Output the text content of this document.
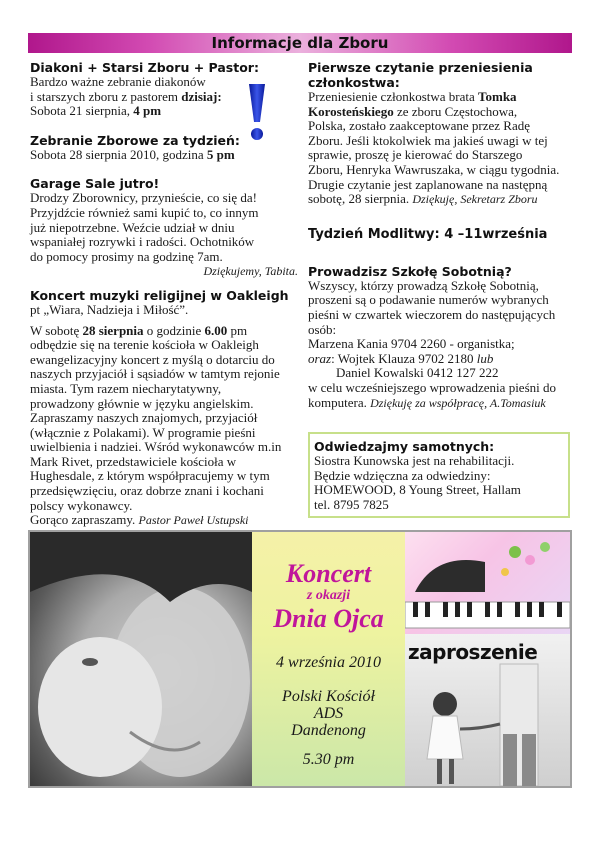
Informacje dla Zboru

Diakoni + Starsi Zboru + Pastor:

Bardzo ważne zebranie diakonów

i starszych zboru z pastorem dzisiaj:

Sobota 21 sierpnia, 4 pm

Zebranie Zborowe za tydzień:

Sobota 28 sierpnia 2010, godzina 5 pm

Garage Sale jutro!

Drodzy Zborownicy, przynieście, co się da!

Przyjdźcie również sami kupić to, co innym

już niepotrzebne. Weźcie udział w dniu

wspaniałej rozrywki i radości. Ochotników

do pomocy prosimy na godzinę 7am.

Dziękujemy, Tabita.

Koncert muzyki religijnej w Oakleigh

pt „Wiara, Nadzieja i Miłość”.

W sobotę 28 sierpnia o godzinie 6.00 pm

odbędzie się na terenie kościoła w Oakleigh

ewangelizacyjny koncert z myślą o dotarciu do

naszych przyjaciół i sąsiadów w tamtym rejonie

miasta. Tym razem niecharytatywny,

prowadzony głównie w języku angielskim.

Zapraszamy naszych znajomych, przyjaciół

(włącznie z Polakami). W programie pieśni

uwielbienia i nadziei. Wśród wykonawców m.in

Mark Rivet, przedstawiciele kościoła w

Hughesdale, z którym współpracujemy w tym

przedsięwzięciu, oraz dobrze znani i kochani

polscy wykonawcy.

Gorąco zapraszamy. Pastor Paweł Ustupski

Pierwsze czytanie przeniesienia

członkostwa:

Przeniesienie członkostwa brata Tomka

Korosteńskiego ze zboru Częstochowa,

Polska, zostało zaakceptowane przez Radę

Zboru. Jeśli ktokolwiek ma jakieś uwagi w tej

sprawie, proszę je kierować do Starszego

Zboru, Henryka Wawruszaka, w ciągu tygodnia.

Drugie czytanie jest zaplanowane na następną

sobotę, 28 sierpnia. Dziękuję, Sekretarz Zboru

Tydzień Modlitwy: 4 –11września

Prowadzisz Szkołę Sobotnią?

Wszyscy, którzy prowadzą Szkołę Sobotnią,

proszeni są o podawanie numerów wybranych

pieśni w czwartek wieczorem do następujących

osób:

Marzena Kania 9704 2260 - organistka;

oraz: Wojtek Klauza 9702 2180 lub

Daniel Kowalski 0412 127 222

w celu wcześniejszego wprowadzenia pieśni do

komputera. Dziękuję za współpracę, A.Tomasiuk

Odwiedzajmy samotnych:

Siostra Kunowska jest na rehabilitacji.

Będzie wdzięczna za odwiedziny:

HOMEWOOD, 8 Young Street, Hallam

tel. 8795 7825

Koncert
z okazji
Dnia Ojca
4 września 2010
Polski Kościół
ADS
Dandenong
5.30 pm
zaproszenie
